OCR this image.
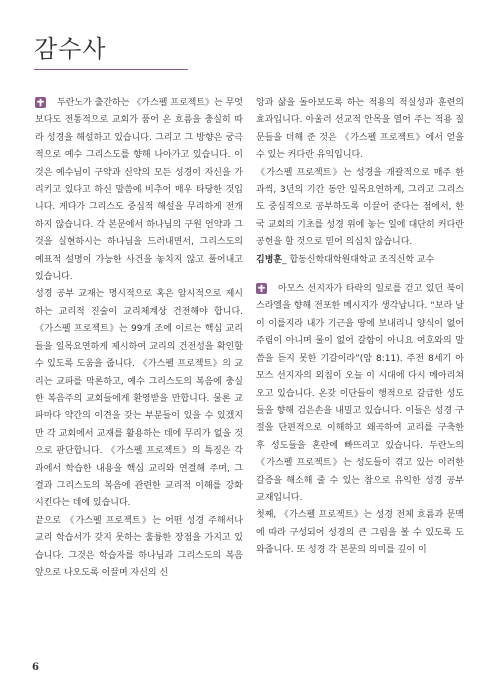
감수사

두란노가 출간하는 《가스펠 프로젝트》는 무엇보다도 전통적으로 교회가 품어 온 흐름을 충실히 따라 성경을 해설하고 있습니다. 그리고 그 방향은 궁극적으로 예수 그리스도를 향해 나아가고 있습니다. 이것은 예수님이 구약과 신약의 모든 성경이 자신을 가리키고 있다고 하신 말씀에 비추어 매우 타당한 것입니다. 게다가 그리스도 중심적 해설을 무리하게 전개하지 않습니다. 각 본문에서 하나님의 구원 언약과 그것을 실현하시는 하나님을 드러내면서, 그리스도의 예표적 설명이 가능한 사건을 놓치지 않고 풀어내고 있습니다.

성경 공부 교재는 명시적으로 혹은 암시적으로 제시하는 교리적 진술이 교리체계상 건전해야 합니다. 《가스펠 프로젝트》는 99개 조에 이르는 핵심 교리들을 일목요연하게 제시하여 교리의 건전성을 확인할 수 있도록 도움을 줍니다. 《가스펠 프로젝트》의 교리는 교파를 막론하고, 예수 그리스도의 복음에 충실한 복음주의 교회들에게 환영받을 만합니다. 물론 교파마다 약간의 이견을 갖는 부분들이 있을 수 있겠지만 각 교회에서 교재를 활용하는 데에 무리가 없을 것으로 판단합니다. 《가스펠 프로젝트》의 특징은 각 과에서 학습한 내용을 핵심 교리와 연결해 주며, 그 결과 그리스도의 복음에 관련한 교리적 이해를 강화시킨다는 데에 있습니다.

끝으로 《가스펠 프로젝트》는 어떤 성경 주해서나 교리 학습서가 갖지 못하는 훌륭한 장점을 가지고 있습니다. 그것은 학습자를 하나님과 그리스도의 복음 앞으로 나오도록 이끌며 자신의 신

앙과 삶을 돌아보도록 하는 적용의 적실성과 훈련의 효과입니다. 아울러 선교적 안목을 열어 주는 적용 질문들을 더해 준 것은 《가스펠 프로젝트》에서 얻을 수 있는 커다란 유익입니다.

《가스펠 프로젝트》는 성경을 개괄적으로 매주 한 과씩, 3년의 기간 동안 일목요연하게, 그리고 그리스도 중심적으로 공부하도록 이끌어 준다는 점에서, 한국 교회의 기초를 성경 위에 놓는 일에 대단히 커다란 공헌을 할 것으로 믿어 의심치 않습니다.

김병훈_ 합동신학대학원대학교 조직신학 교수

아모스 선지자가 타락의 일로를 걷고 있던 북이스라엘을 향해 전포한 메시지가 생각납니다. “보라 날이 이를지라 내가 기근을 땅에 보내리니 양식이 없어 주림이 아니며 물이 없어 갈함이 아니요 여호와의 말씀을 듣지 못한 기갈이라”(암 8:11). 주전 8세기 아모스 선지자의 외침이 오늘 이 시대에 다시 메아리쳐 오고 있습니다. 온갖 이단들이 행적으로 갈급한 성도들을 향해 검은손을 내밀고 있습니다. 이들은 성경 구절을 단편적으로 이해하고 왜곡하여 교리를 구축한 후 성도들을 혼란에 빠뜨리고 있습니다. 두란노의 《가스펠 프로젝트》는 성도들이 겪고 있는 이러한 갈증을 해소해 줄 수 있는 참으로 유익한 성경 공부 교재입니다.

첫째, 《가스펠 프로젝트》는 성경 전체 흐름과 문맥에 따라 구성되어 성경의 큰 그림을 볼 수 있도록 도와줍니다. 또 성경 각 본문의 의미를 깊이 이

6
